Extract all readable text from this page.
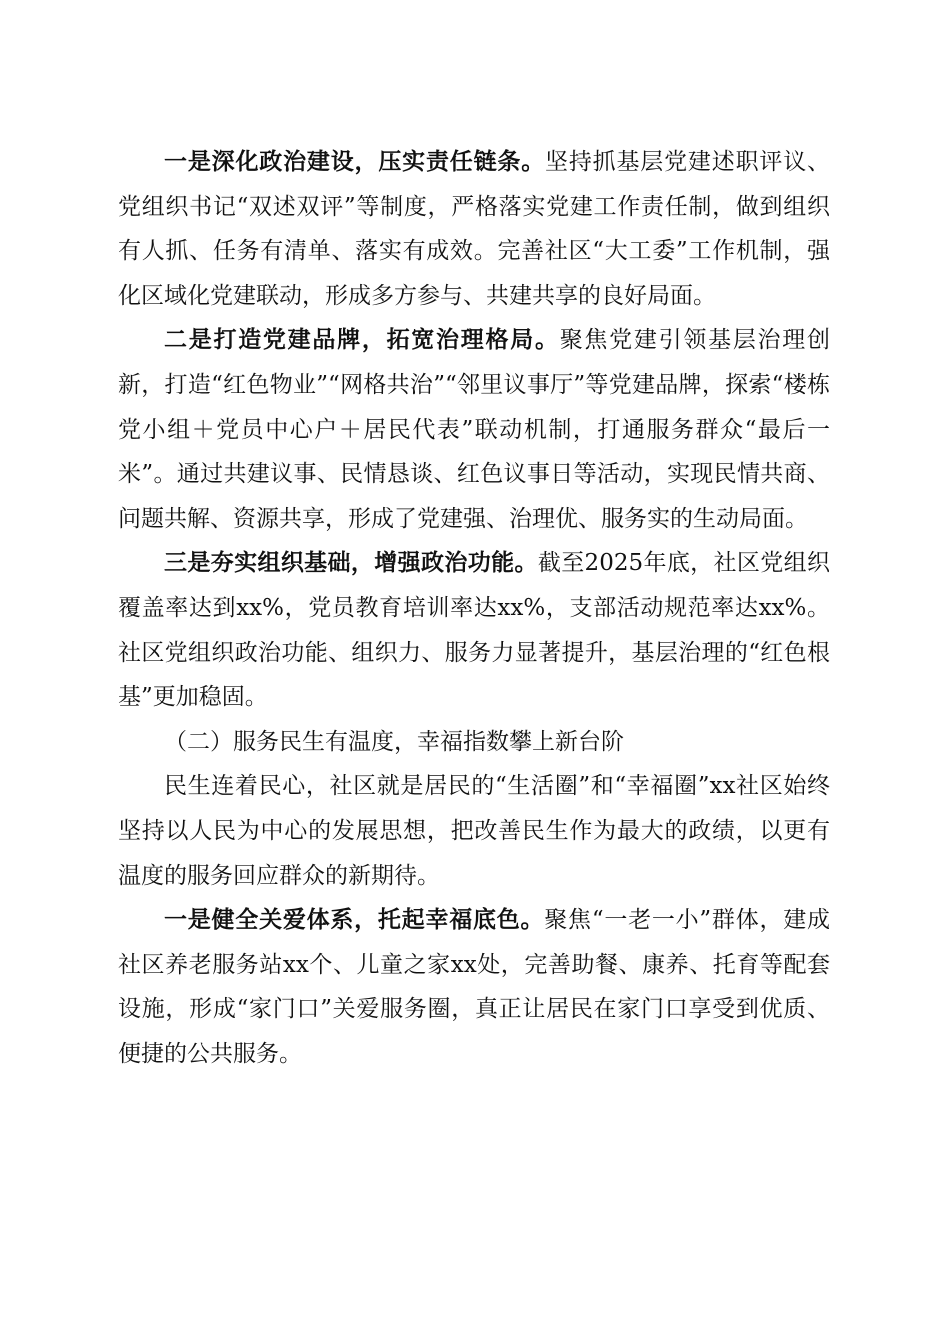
一是深化政治建设，压实责任链条。坚持抓基层党建述职评议、党组织书记“双述双评”等制度，严格落实党建工作责任制，做到组织有人抓、任务有清单、落实有成效。完善社区“大工委”工作机制，强化区域化党建联动，形成多方参与、共建共享的良好局面。

二是打造党建品牌，拓宽治理格局。聚焦党建引领基层治理创新，打造“红色物业”“网格共治”“邻里议事厅”等党建品牌，探索“楼栋党小组＋党员中心户＋居民代表”联动机制，打通服务群众“最后一米”。通过共建议事、民情恳谈、红色议事日等活动，实现民情共商、问题共解、资源共享，形成了党建强、治理优、服务实的生动局面。

三是夯实组织基础，增强政治功能。截至2025年底，社区党组织覆盖率达到xx%，党员教育培训率达xx%，支部活动规范率达xx%。社区党组织政治功能、组织力、服务力显著提升，基层治理的“红色根基”更加稳固。

（二）服务民生有温度，幸福指数攀上新台阶

民生连着民心，社区就是居民的“生活圈”和“幸福圈”xx社区始终坚持以人民为中心的发展思想，把改善民生作为最大的政绩，以更有温度的服务回应群众的新期待。

一是健全关爱体系，托起幸福底色。聚焦“一老一小”群体，建成社区养老服务站xx个、儿童之家xx处，完善助餐、康养、托育等配套设施，形成“家门口”关爱服务圈，真正让居民在家门口享受到优质、便捷的公共服务。
